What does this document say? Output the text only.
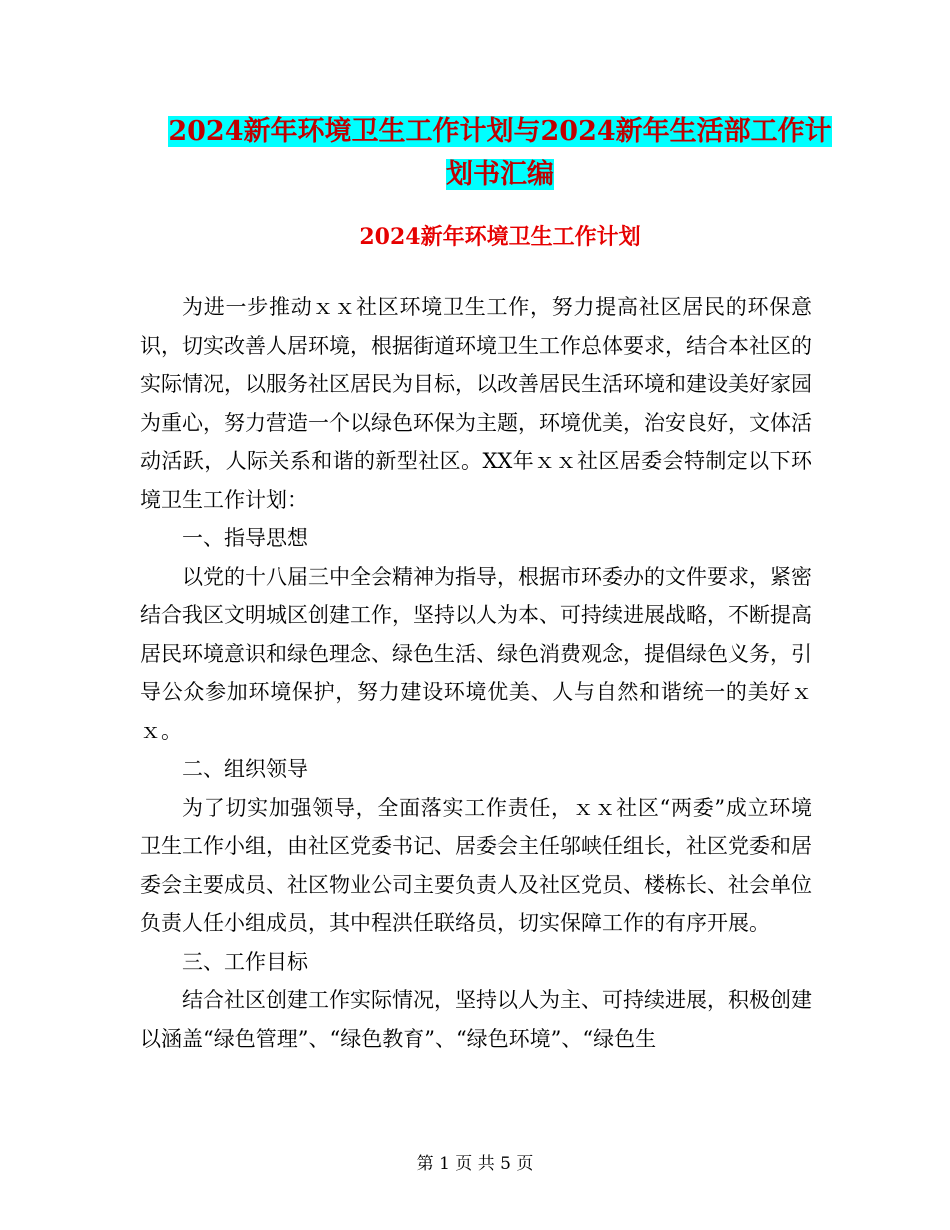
2024新年环境卫生工作计划与2024新年生活部工作计
划书汇编
2024新年环境卫生工作计划

为进一步推动ｘｘ社区环境卫生工作，努力提高社区居民的环保意识，切实改善人居环境，根据街道环境卫生工作总体要求，结合本社区的实际情况，以服务社区居民为目标，以改善居民生活环境和建设美好家园为重心，努力营造一个以绿色环保为主题，环境优美，治安良好，文体活动活跃，人际关系和谐的新型社区。XX年ｘｘ社区居委会特制定以下环境卫生工作计划：

一、指导思想

以党的十八届三中全会精神为指导，根据市环委办的文件要求，紧密结合我区文明城区创建工作，坚持以人为本、可持续进展战略，不断提高居民环境意识和绿色理念、绿色生活、绿色消费观念，提倡绿色义务，引导公众参加环境保护，努力建设环境优美、人与自然和谐统一的美好ｘｘ。

二、组织领导

为了切实加强领导，全面落实工作责任，ｘｘ社区“两委”成立环境卫生工作小组，由社区党委书记、居委会主任邬峡任组长，社区党委和居委会主要成员、社区物业公司主要负责人及社区党员、楼栋长、社会单位负责人任小组成员，其中程洪任联络员，切实保障工作的有序开展。

三、工作目标

结合社区创建工作实际情况，坚持以人为主、可持续进展，积极创建以涵盖“绿色管理”、“绿色教育”、“绿色环境”、“绿色生

第 1 页 共 5 页
